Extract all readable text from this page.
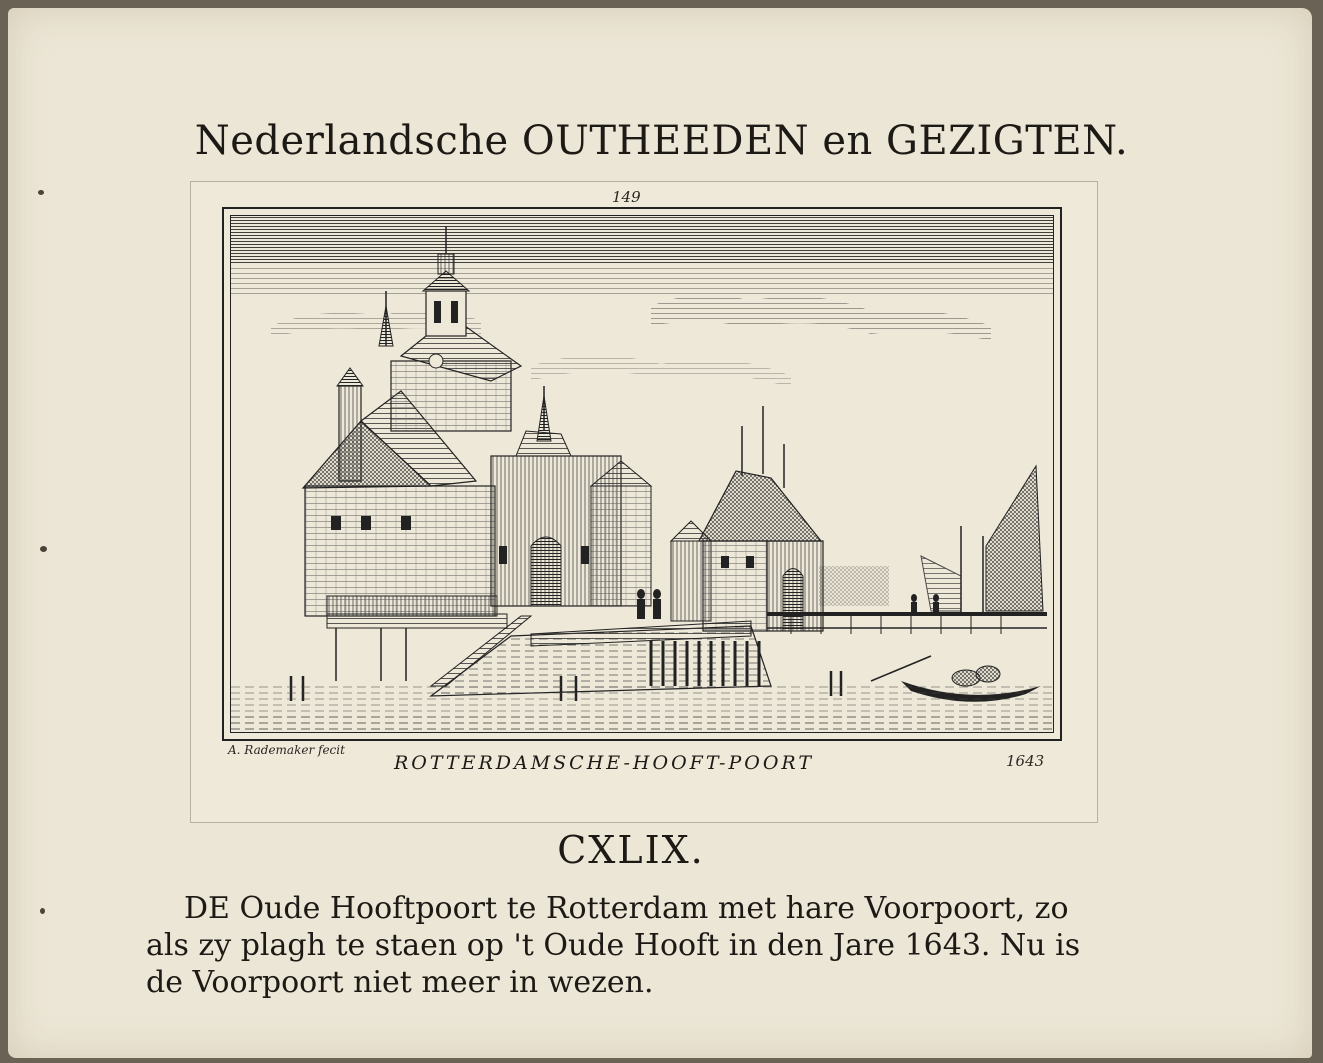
Nederlandsche OUTHEEDEN en GEZIGTEN.
149
A. Rademaker fecit
ROTTERDAMSCHE-HOOFT-POORT	1643
CXLIX.
DE Oude Hooftpoort te Rotterdam met hare Voorpoort, zo
als zy plagh te staen op 't Oude Hooft in den Jare 1643. Nu is
de Voorpoort niet meer in wezen.
